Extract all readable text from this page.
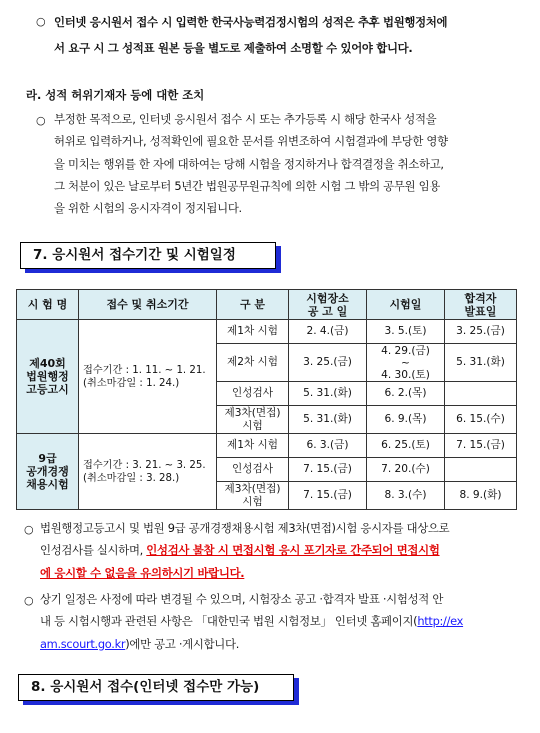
○ 인터넷 응시원서 접수 시 입력한 한국사능력검정시험의 성적은 추후 법원행정처에
서 요구 시 그 성적표 원본 등을 별도로 제출하여 소명할 수 있어야 합니다.
라. 성적 허위기재자 등에 대한 조치
○ 부정한 목적으로, 인터넷 응시원서 접수 시 또는 추가등록 시 해당 한국사 성적을
허위로 입력하거나, 성적확인에 필요한 문서를 위변조하여 시험결과에 부당한 영향
을 미치는 행위를 한 자에 대하여는 당해 시험을 정지하거나 합격결정을 취소하고,
그 처분이 있은 날로부터 5년간 법원공무원규칙에 의한 시험 그 밖의 공무원 임용
을 위한 시험의 응시자격이 정지됩니다.
7. 응시원서 접수기간 및 시험일정
시 험 명	접수 및 취소기간	구 분	시험장소
공 고 일	시험일	합격자
발표일
제40회
법원행정
고등고시	접수기간 : 1. 11. ~ 1. 21.
(취소마감일 : 1. 24.)	제1차 시험	2. 4.(금)	3. 5.(토)	3. 25.(금)
		제2차 시험	3. 25.(금)	4. 29.(금)
~
4. 30.(토)	5. 31.(화)
		인성검사	5. 31.(화)	6. 2.(목)	
		제3차(면접)
시험	5. 31.(화)	6. 9.(목)	6. 15.(수)
9급
공개경쟁
채용시험	접수기간 : 3. 21. ~ 3. 25.
(취소마감일 : 3. 28.)	제1차 시험	6. 3.(금)	6. 25.(토)	7. 15.(금)
		인성검사	7. 15.(금)	7. 20.(수)	
		제3차(면접)
시험	7. 15.(금)	8. 3.(수)	8. 9.(화)
○ 법원행정고등고시 및 법원 9급 공개경쟁채용시험 제3차(면접)시험 응시자를 대상으로
인성검사를 실시하며, 인성검사 불참 시 면접시험 응시 포기자로 간주되어 면접시험
에 응시할 수 없음을 유의하시기 바랍니다.
○ 상기 일정은 사정에 따라 변경될 수 있으며, 시험장소 공고 ·합격자 발표 ·시험성적 안
내 등 시험시행과 관련된 사항은 「대한민국 법원 시험정보」 인터넷 홈페이지(http://ex
am.scourt.go.kr)에만 공고 ·게시합니다.
8. 응시원서 접수(인터넷 접수만 가능)
